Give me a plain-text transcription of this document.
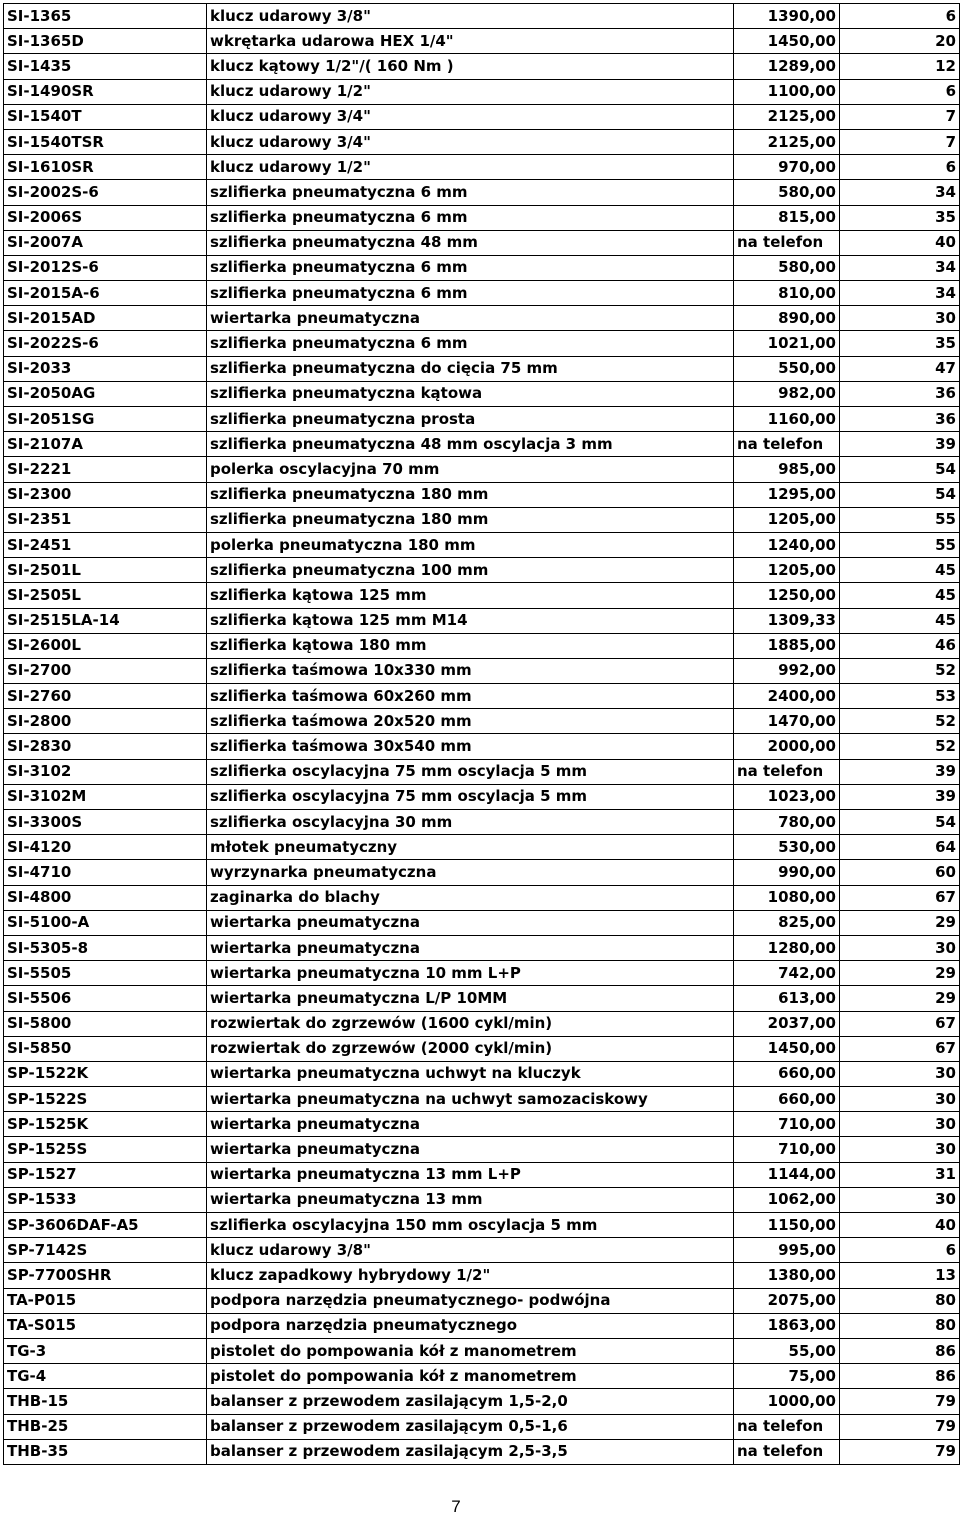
SI-1365	klucz udarowy 3/8"	1390,00	6
SI-1365D	wkrętarka udarowa HEX 1/4"	1450,00	20
SI-1435	klucz kątowy 1/2"/( 160 Nm )	1289,00	12
SI-1490SR	klucz udarowy 1/2"	1100,00	6
SI-1540T	klucz udarowy 3/4"	2125,00	7
SI-1540TSR	klucz udarowy 3/4"	2125,00	7
SI-1610SR	klucz udarowy 1/2"	970,00	6
SI-2002S-6	szlifierka pneumatyczna 6 mm	580,00	34
SI-2006S	szlifierka pneumatyczna 6 mm	815,00	35
SI-2007A	szlifierka pneumatyczna 48 mm	na telefon	40
SI-2012S-6	szlifierka pneumatyczna 6 mm	580,00	34
SI-2015A-6	szlifierka pneumatyczna 6 mm	810,00	34
SI-2015AD	wiertarka pneumatyczna	890,00	30
SI-2022S-6	szlifierka pneumatyczna 6 mm	1021,00	35
SI-2033	szlifierka pneumatyczna do cięcia 75 mm	550,00	47
SI-2050AG	szlifierka pneumatyczna kątowa	982,00	36
SI-2051SG	szlifierka pneumatyczna prosta	1160,00	36
SI-2107A	szlifierka pneumatyczna 48 mm oscylacja 3 mm	na telefon	39
SI-2221	polerka oscylacyjna 70 mm	985,00	54
SI-2300	szlifierka pneumatyczna 180 mm	1295,00	54
SI-2351	szlifierka pneumatyczna 180 mm	1205,00	55
SI-2451	polerka pneumatyczna 180 mm	1240,00	55
SI-2501L	szlifierka pneumatyczna 100 mm	1205,00	45
SI-2505L	szlifierka kątowa 125 mm	1250,00	45
SI-2515LA-14	szlifierka kątowa 125 mm M14	1309,33	45
SI-2600L	szlifierka kątowa 180 mm	1885,00	46
SI-2700	szlifierka taśmowa 10x330 mm	992,00	52
SI-2760	szlifierka taśmowa 60x260 mm	2400,00	53
SI-2800	szlifierka taśmowa 20x520 mm	1470,00	52
SI-2830	szlifierka taśmowa 30x540 mm	2000,00	52
SI-3102	szlifierka oscylacyjna 75 mm oscylacja 5 mm	na telefon	39
SI-3102M	szlifierka oscylacyjna 75 mm oscylacja 5 mm	1023,00	39
SI-3300S	szlifierka oscylacyjna 30 mm	780,00	54
SI-4120	młotek pneumatyczny	530,00	64
SI-4710	wyrzynarka pneumatyczna	990,00	60
SI-4800	zaginarka do blachy	1080,00	67
SI-5100-A	wiertarka pneumatyczna	825,00	29
SI-5305-8	wiertarka pneumatyczna	1280,00	30
SI-5505	wiertarka pneumatyczna 10 mm L+P	742,00	29
SI-5506	wiertarka pneumatyczna L/P 10MM	613,00	29
SI-5800	rozwiertak do zgrzewów (1600 cykl/min)	2037,00	67
SI-5850	rozwiertak do zgrzewów (2000 cykl/min)	1450,00	67
SP-1522K	wiertarka pneumatyczna uchwyt na kluczyk	660,00	30
SP-1522S	wiertarka pneumatyczna na uchwyt samozaciskowy	660,00	30
SP-1525K	wiertarka pneumatyczna	710,00	30
SP-1525S	wiertarka pneumatyczna	710,00	30
SP-1527	wiertarka pneumatyczna 13 mm L+P	1144,00	31
SP-1533	wiertarka pneumatyczna 13 mm	1062,00	30
SP-3606DAF-A5	szlifierka oscylacyjna 150 mm oscylacja 5 mm	1150,00	40
SP-7142S	klucz udarowy 3/8"	995,00	6
SP-7700SHR	klucz zapadkowy hybrydowy 1/2"	1380,00	13
TA-P015	podpora narzędzia pneumatycznego- podwójna	2075,00	80
TA-S015	podpora narzędzia pneumatycznego	1863,00	80
TG-3	pistolet do pompowania kół z manometrem	55,00	86
TG-4	pistolet do pompowania kół z manometrem	75,00	86
THB-15	balanser z przewodem zasilającym 1,5-2,0	1000,00	79
THB-25	balanser z przewodem zasilającym 0,5-1,6	na telefon	79
THB-35	balanser z przewodem zasilającym 2,5-3,5	na telefon	79
7
